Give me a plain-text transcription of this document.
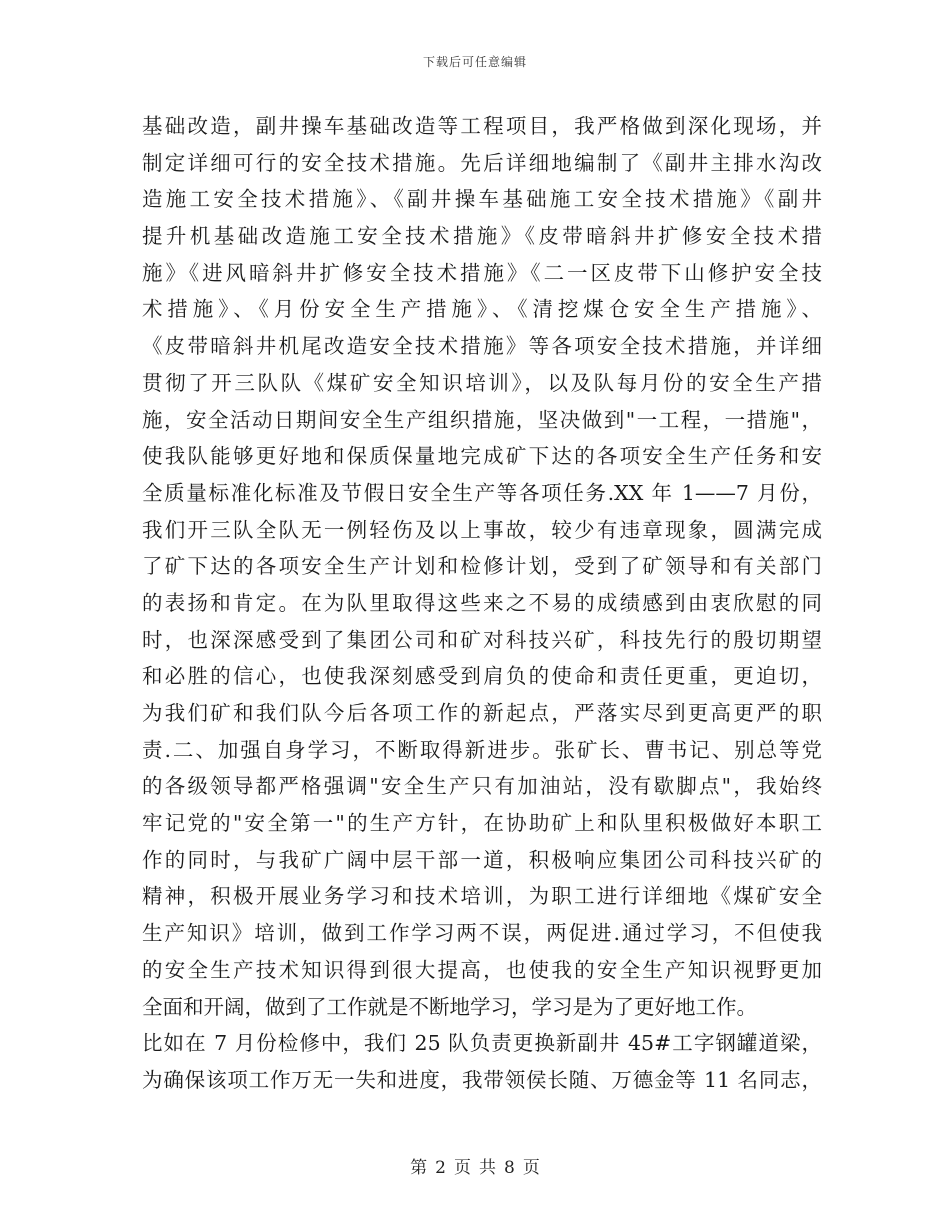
下载后可任意编辑
基础改造，副井操车基础改造等工程项目，我严格做到深化现场，并
制定详细可行的安全技术措施。先后详细地编制了《副井主排水沟改
造施工安全技术措施》、《副井操车基础施工安全技术措施》《副井
提升机基础改造施工安全技术措施》《皮带暗斜井扩修安全技术措
施》《进风暗斜井扩修安全技术措施》《二一区皮带下山修护安全技
术措施》、《月份安全生产措施》、《清挖煤仓安全生产措施》、
《皮带暗斜井机尾改造安全技术措施》等各项安全技术措施，并详细
贯彻了开三队队《煤矿安全知识培训》，以及队每月份的安全生产措
施，安全活动日期间安全生产组织措施，坚决做到"一工程，一措施"，
使我队能够更好地和保质保量地完成矿下达的各项安全生产任务和安
全质量标准化标准及节假日安全生产等各项任务.XX 年 1——7 月份，
我们开三队全队无一例轻伤及以上事故，较少有违章现象，圆满完成
了矿下达的各项安全生产计划和检修计划，受到了矿领导和有关部门
的表扬和肯定。在为队里取得这些来之不易的成绩感到由衷欣慰的同
时，也深深感受到了集团公司和矿对科技兴矿，科技先行的殷切期望
和必胜的信心，也使我深刻感受到肩负的使命和责任更重，更迫切，
为我们矿和我们队今后各项工作的新起点，严落实尽到更高更严的职
责.二、加强自身学习，不断取得新进步。张矿长、曹书记、别总等党
的各级领导都严格强调"安全生产只有加油站，没有歇脚点"，我始终
牢记党的"安全第一"的生产方针，在协助矿上和队里积极做好本职工
作的同时，与我矿广阔中层干部一道，积极响应集团公司科技兴矿的
精神，积极开展业务学习和技术培训，为职工进行详细地《煤矿安全
生产知识》培训，做到工作学习两不误，两促进.通过学习，不但使我
的安全生产技术知识得到很大提高，也使我的安全生产知识视野更加
全面和开阔，做到了工作就是不断地学习，学习是为了更好地工作。
比如在 7 月份检修中，我们 25 队负责更换新副井 45#工字钢罐道梁，
为确保该项工作万无一失和进度，我带领侯长随、万德金等 11 名同志，
第 2 页 共 8 页
